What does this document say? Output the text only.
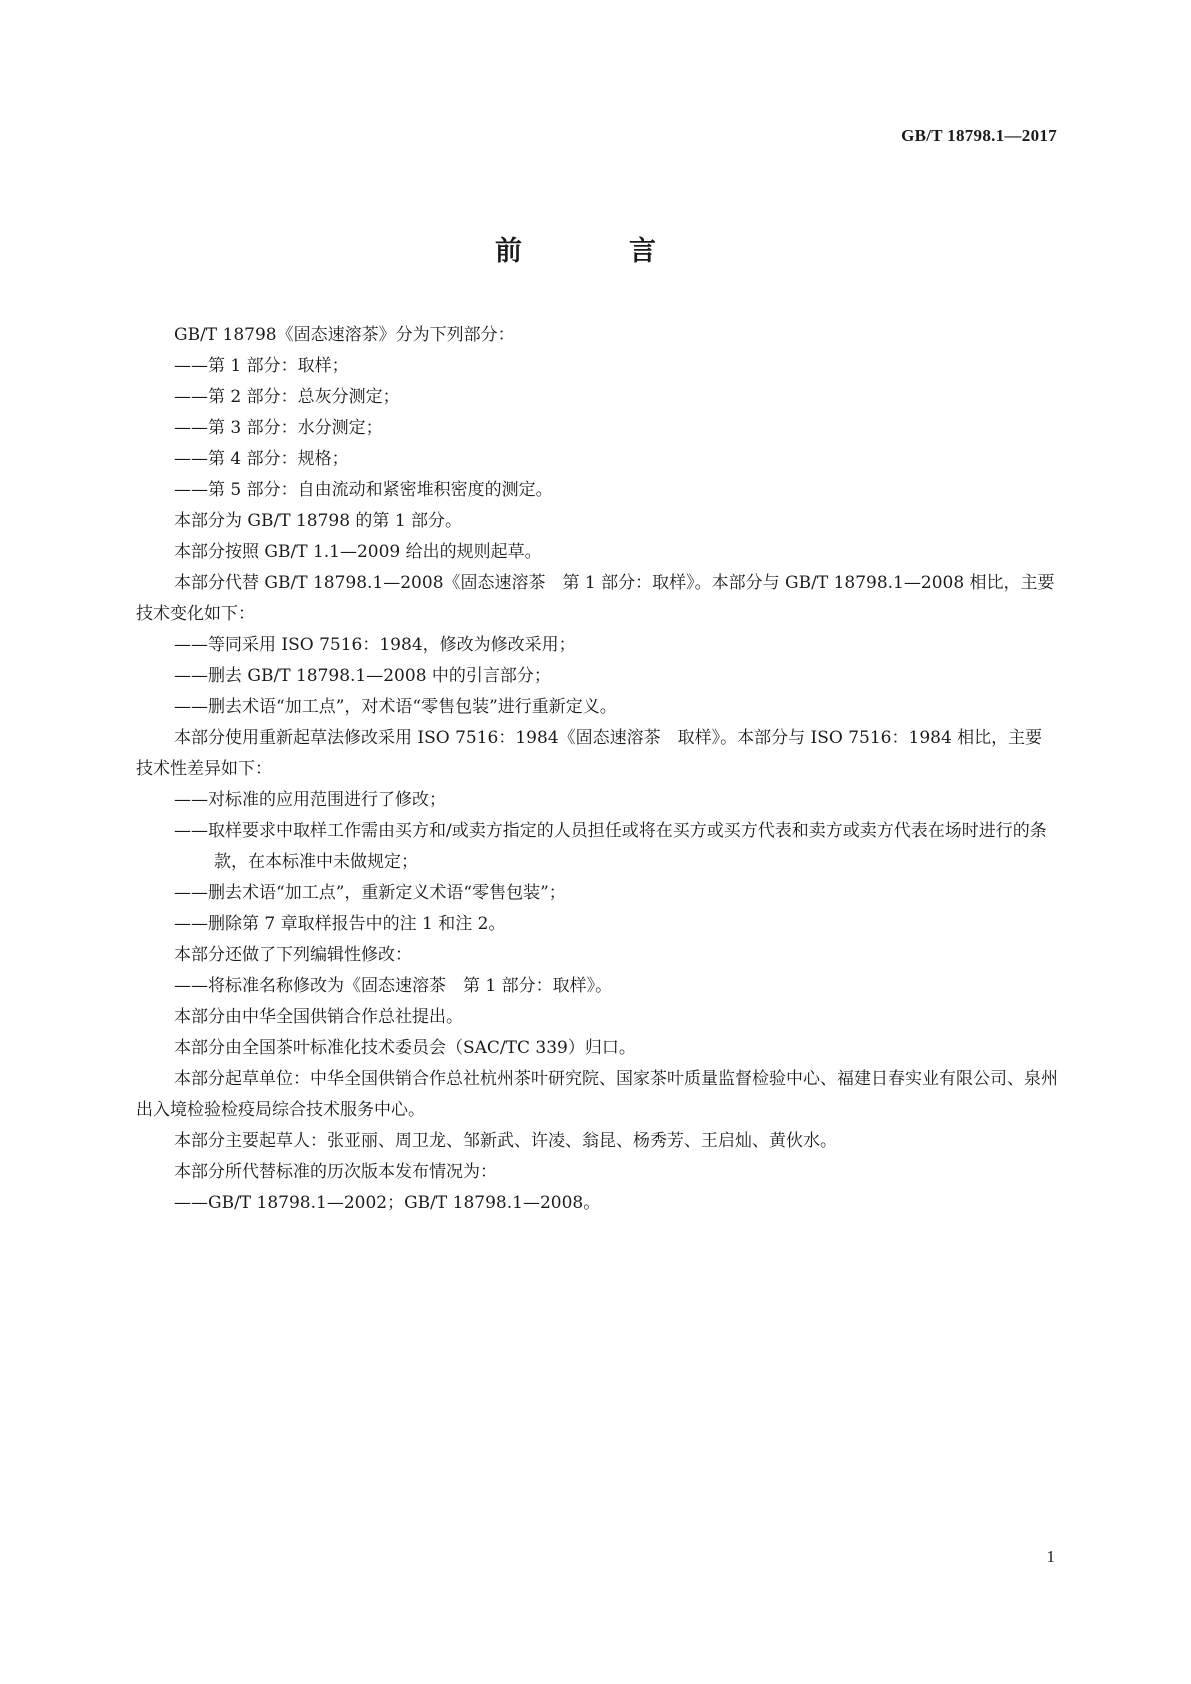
GB/T 18798.1—2017
前　言

GB/T 18798《固态速溶茶》分为下列部分：

——第 1 部分：取样；

——第 2 部分：总灰分测定；

——第 3 部分：水分测定；

——第 4 部分：规格；

——第 5 部分：自由流动和紧密堆积密度的测定。

本部分为 GB/T 18798 的第 1 部分。

本部分按照 GB/T 1.1—2009 给出的规则起草。

本部分代替 GB/T 18798.1—2008《固态速溶茶　第 1 部分：取样》。本部分与 GB/T 18798.1—2008 相比，主要技术变化如下：

——等同采用 ISO 7516：1984，修改为修改采用；

——删去 GB/T 18798.1—2008 中的引言部分；

——删去术语“加工点”，对术语“零售包装”进行重新定义。

本部分使用重新起草法修改采用 ISO 7516：1984《固态速溶茶　取样》。本部分与 ISO 7516：1984 相比，主要技术性差异如下：

——对标准的应用范围进行了修改；

——取样要求中取样工作需由买方和/或卖方指定的人员担任或将在买方或买方代表和卖方或卖方代表在场时进行的条款，在本标准中未做规定；

——删去术语“加工点”，重新定义术语“零售包装”；

——删除第 7 章取样报告中的注 1 和注 2。

本部分还做了下列编辑性修改：

——将标准名称修改为《固态速溶茶　第 1 部分：取样》。

本部分由中华全国供销合作总社提出。

本部分由全国茶叶标准化技术委员会（SAC/TC 339）归口。

本部分起草单位：中华全国供销合作总社杭州茶叶研究院、国家茶叶质量监督检验中心、福建日春实业有限公司、泉州出入境检验检疫局综合技术服务中心。

本部分主要起草人：张亚丽、周卫龙、邹新武、许凌、翁昆、杨秀芳、王启灿、黄伙水。

本部分所代替标准的历次版本发布情况为：

——GB/T 18798.1—2002；GB/T 18798.1—2008。

1
